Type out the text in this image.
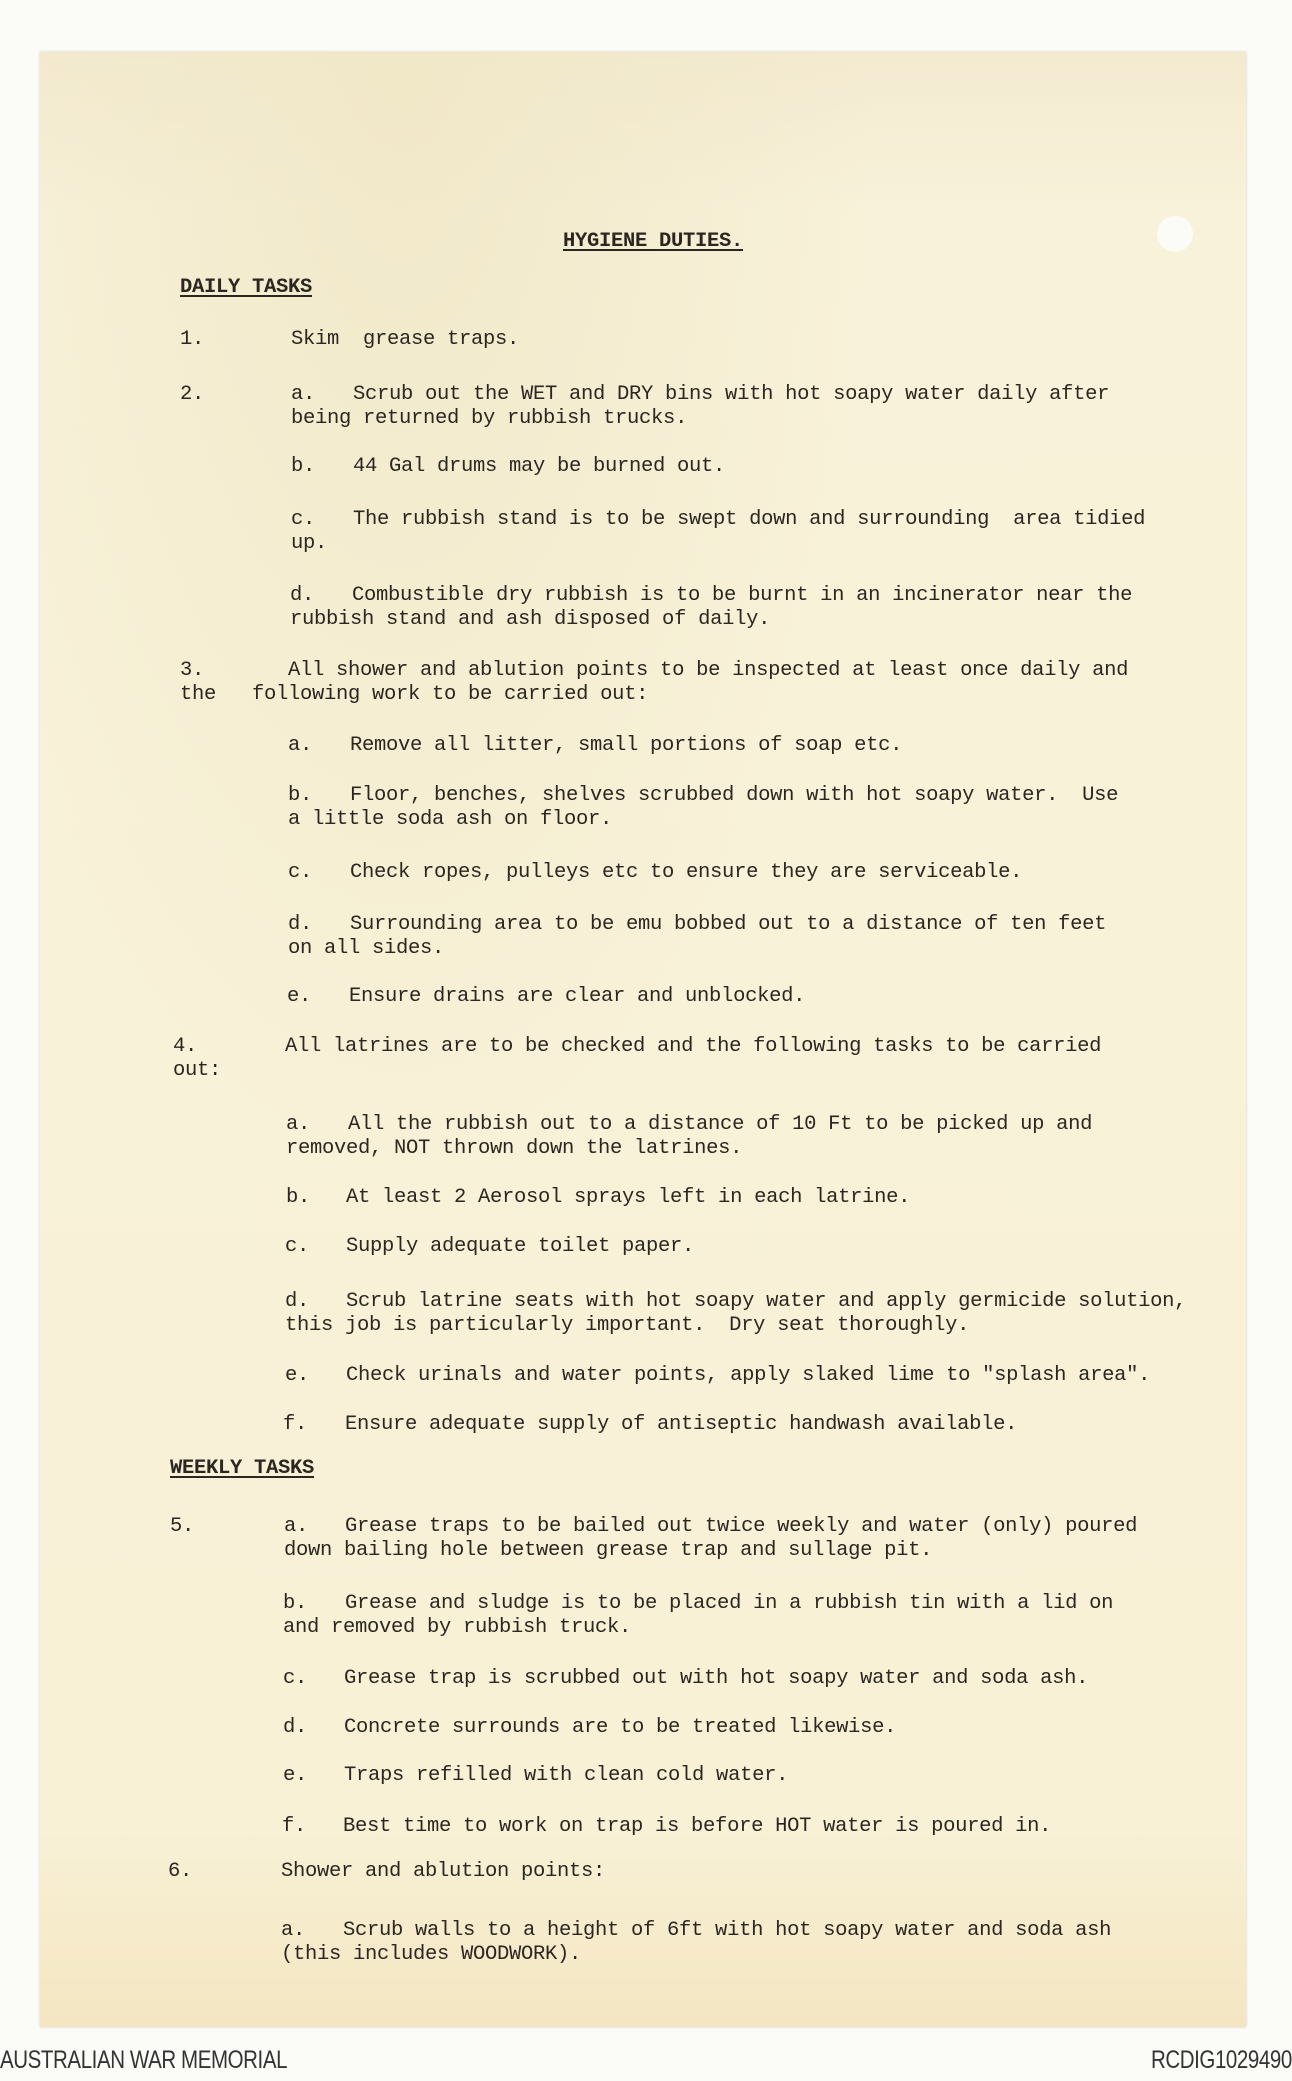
HYGIENE DUTIES.
DAILY TASKS
WEEKLY TASKS
1.	Skim  grease traps.
2.	a. Scrub out the WET and DRY bins with hot soapy water daily after
being returned by rubbish trucks.
b. 44 Gal drums may be burned out.
c. The rubbish stand is to be swept down and surrounding  area tidied
up.
d. Combustible dry rubbish is to be burnt in an incinerator near the
rubbish stand and ash disposed of daily.
3.	All shower and ablution points to be inspected at least once daily and
the   following work to be carried out:
a. Remove all litter, small portions of soap etc.
b. Floor, benches, shelves scrubbed down with hot soapy water.  Use
a little soda ash on floor.
c. Check ropes, pulleys etc to ensure they are serviceable.
d. Surrounding area to be emu bobbed out to a distance of ten feet
on all sides.
e. Ensure drains are clear and unblocked.
4.	All latrines are to be checked and the following tasks to be carried
out:
a. All the rubbish out to a distance of 10 Ft to be picked up and
removed, NOT thrown down the latrines.
b. At least 2 Aerosol sprays left in each latrine.
c. Supply adequate toilet paper.
d. Scrub latrine seats with hot soapy water and apply germicide solution,
this job is particularly important.  Dry seat thoroughly.
e. Check urinals and water points, apply slaked lime to "splash area".
f. Ensure adequate supply of antiseptic handwash available.
5.	a. Grease traps to be bailed out twice weekly and water (only) poured
down bailing hole between grease trap and sullage pit.
b. Grease and sludge is to be placed in a rubbish tin with a lid on
and removed by rubbish truck.
c. Grease trap is scrubbed out with hot soapy water and soda ash.
d. Concrete surrounds are to be treated likewise.
e. Traps refilled with clean cold water.
f. Best time to work on trap is before HOT water is poured in.
6.	Shower and ablution points:
a. Scrub walls to a height of 6ft with hot soapy water and soda ash
(this includes WOODWORK).
AUSTRALIAN WAR MEMORIAL	RCDIG1029490
